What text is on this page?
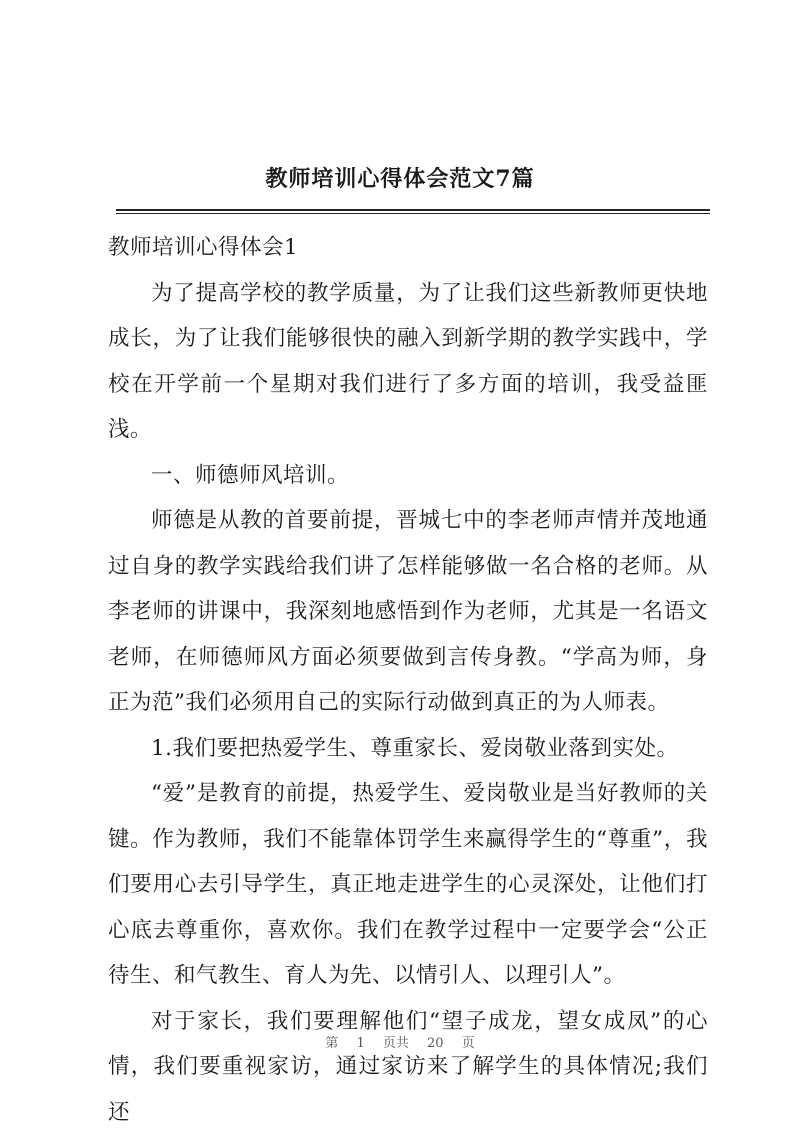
教师培训心得体会范文7篇

教师培训心得体会1

为了提高学校的教学质量，为了让我们这些新教师更快地成长，为了让我们能够很快的融入到新学期的教学实践中，学校在开学前一个星期对我们进行了多方面的培训，我受益匪浅。

一、师德师风培训。

师德是从教的首要前提，晋城七中的李老师声情并茂地通过自身的教学实践给我们讲了怎样能够做一名合格的老师。从李老师的讲课中，我深刻地感悟到作为老师，尤其是一名语文老师，在师德师风方面必须要做到言传身教。“学高为师，身正为范”我们必须用自己的实际行动做到真正的为人师表。

1.我们要把热爱学生、尊重家长、爱岗敬业落到实处。

“爱”是教育的前提，热爱学生、爱岗敬业是当好教师的关键。作为教师，我们不能靠体罚学生来赢得学生的“尊重”，我们要用心去引导学生，真正地走进学生的心灵深处，让他们打心底去尊重你，喜欢你。我们在教学过程中一定要学会“公正待生、和气教生、育人为先、以情引人、以理引人”。

对于家长，我们要理解他们“望子成龙，望女成凤”的心情，我们要重视家访，通过家访来了解学生的具体情况;我们还

第 1 页共 20 页
